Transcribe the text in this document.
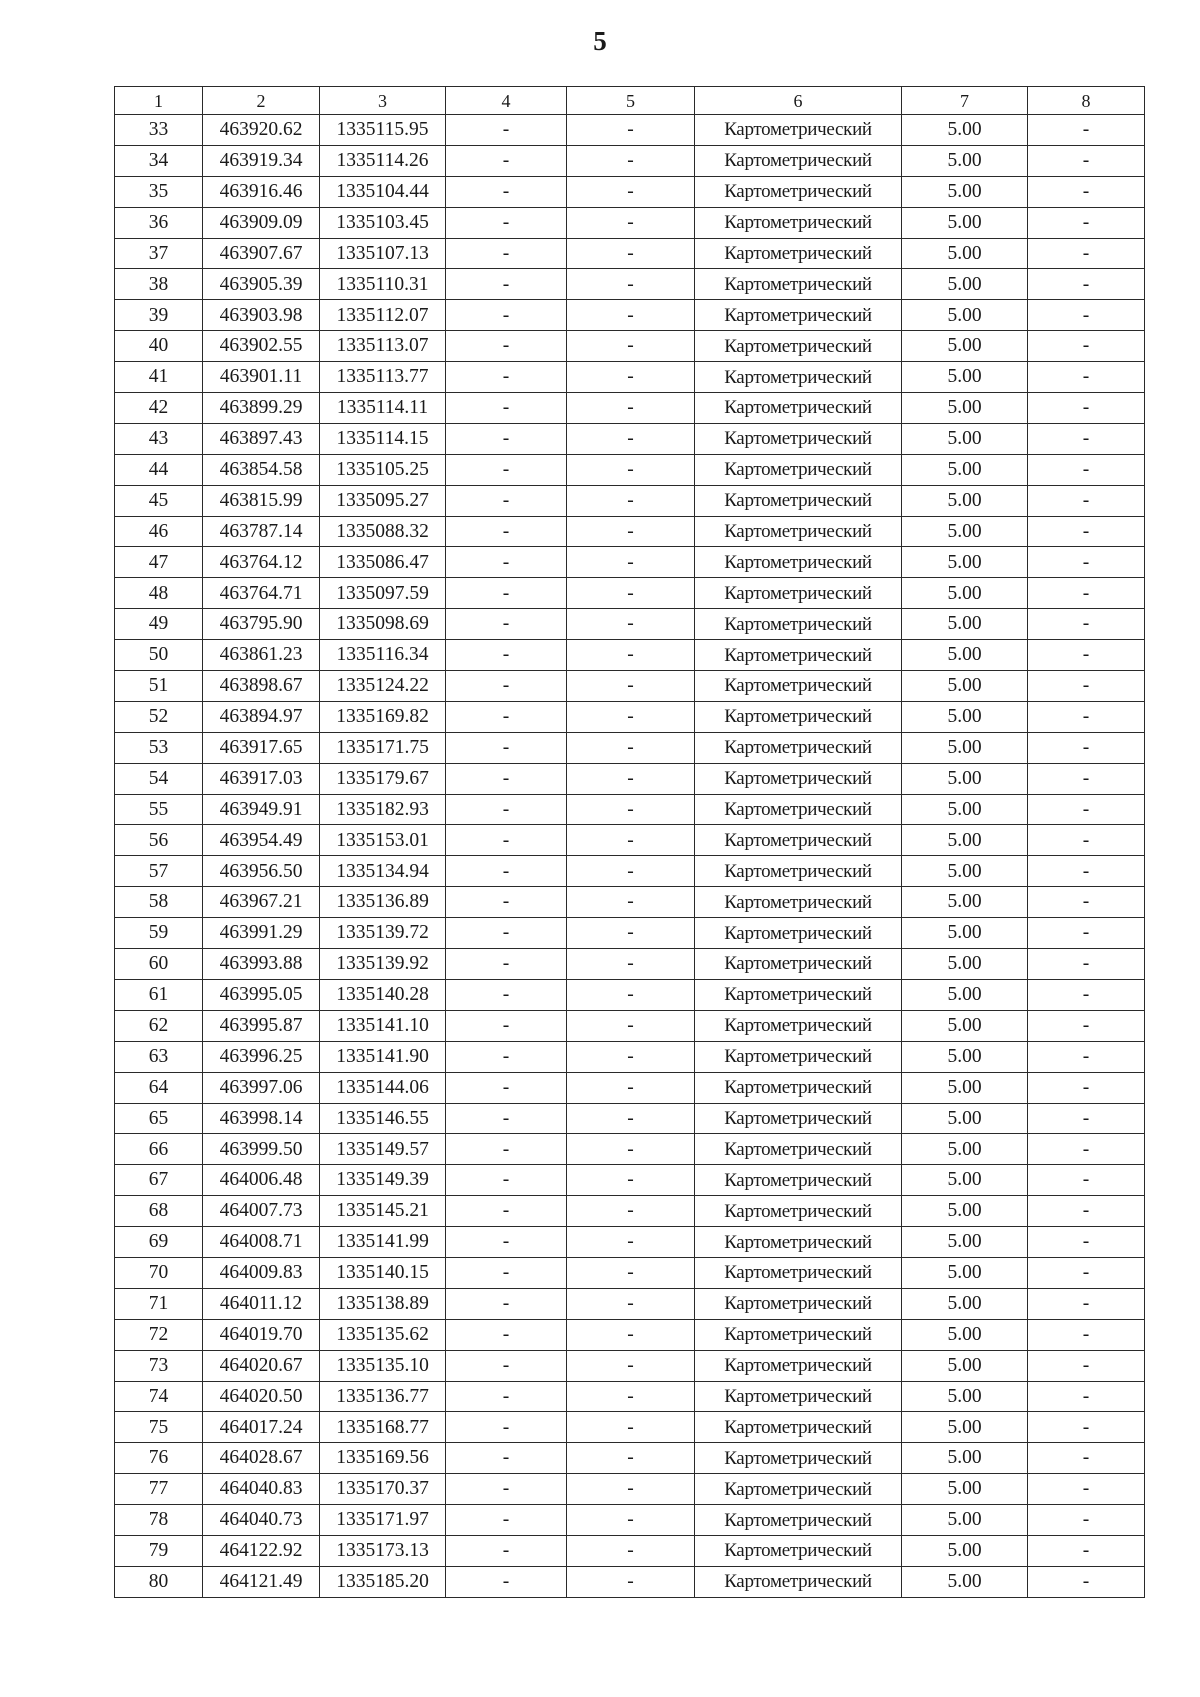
5
1	2	3	4	5	6	7	8
33	463920.62	1335115.95	-	-	Картометрический	5.00	-
34	463919.34	1335114.26	-	-	Картометрический	5.00	-
35	463916.46	1335104.44	-	-	Картометрический	5.00	-
36	463909.09	1335103.45	-	-	Картометрический	5.00	-
37	463907.67	1335107.13	-	-	Картометрический	5.00	-
38	463905.39	1335110.31	-	-	Картометрический	5.00	-
39	463903.98	1335112.07	-	-	Картометрический	5.00	-
40	463902.55	1335113.07	-	-	Картометрический	5.00	-
41	463901.11	1335113.77	-	-	Картометрический	5.00	-
42	463899.29	1335114.11	-	-	Картометрический	5.00	-
43	463897.43	1335114.15	-	-	Картометрический	5.00	-
44	463854.58	1335105.25	-	-	Картометрический	5.00	-
45	463815.99	1335095.27	-	-	Картометрический	5.00	-
46	463787.14	1335088.32	-	-	Картометрический	5.00	-
47	463764.12	1335086.47	-	-	Картометрический	5.00	-
48	463764.71	1335097.59	-	-	Картометрический	5.00	-
49	463795.90	1335098.69	-	-	Картометрический	5.00	-
50	463861.23	1335116.34	-	-	Картометрический	5.00	-
51	463898.67	1335124.22	-	-	Картометрический	5.00	-
52	463894.97	1335169.82	-	-	Картометрический	5.00	-
53	463917.65	1335171.75	-	-	Картометрический	5.00	-
54	463917.03	1335179.67	-	-	Картометрический	5.00	-
55	463949.91	1335182.93	-	-	Картометрический	5.00	-
56	463954.49	1335153.01	-	-	Картометрический	5.00	-
57	463956.50	1335134.94	-	-	Картометрический	5.00	-
58	463967.21	1335136.89	-	-	Картометрический	5.00	-
59	463991.29	1335139.72	-	-	Картометрический	5.00	-
60	463993.88	1335139.92	-	-	Картометрический	5.00	-
61	463995.05	1335140.28	-	-	Картометрический	5.00	-
62	463995.87	1335141.10	-	-	Картометрический	5.00	-
63	463996.25	1335141.90	-	-	Картометрический	5.00	-
64	463997.06	1335144.06	-	-	Картометрический	5.00	-
65	463998.14	1335146.55	-	-	Картометрический	5.00	-
66	463999.50	1335149.57	-	-	Картометрический	5.00	-
67	464006.48	1335149.39	-	-	Картометрический	5.00	-
68	464007.73	1335145.21	-	-	Картометрический	5.00	-
69	464008.71	1335141.99	-	-	Картометрический	5.00	-
70	464009.83	1335140.15	-	-	Картометрический	5.00	-
71	464011.12	1335138.89	-	-	Картометрический	5.00	-
72	464019.70	1335135.62	-	-	Картометрический	5.00	-
73	464020.67	1335135.10	-	-	Картометрический	5.00	-
74	464020.50	1335136.77	-	-	Картометрический	5.00	-
75	464017.24	1335168.77	-	-	Картометрический	5.00	-
76	464028.67	1335169.56	-	-	Картометрический	5.00	-
77	464040.83	1335170.37	-	-	Картометрический	5.00	-
78	464040.73	1335171.97	-	-	Картометрический	5.00	-
79	464122.92	1335173.13	-	-	Картометрический	5.00	-
80	464121.49	1335185.20	-	-	Картометрический	5.00	-
